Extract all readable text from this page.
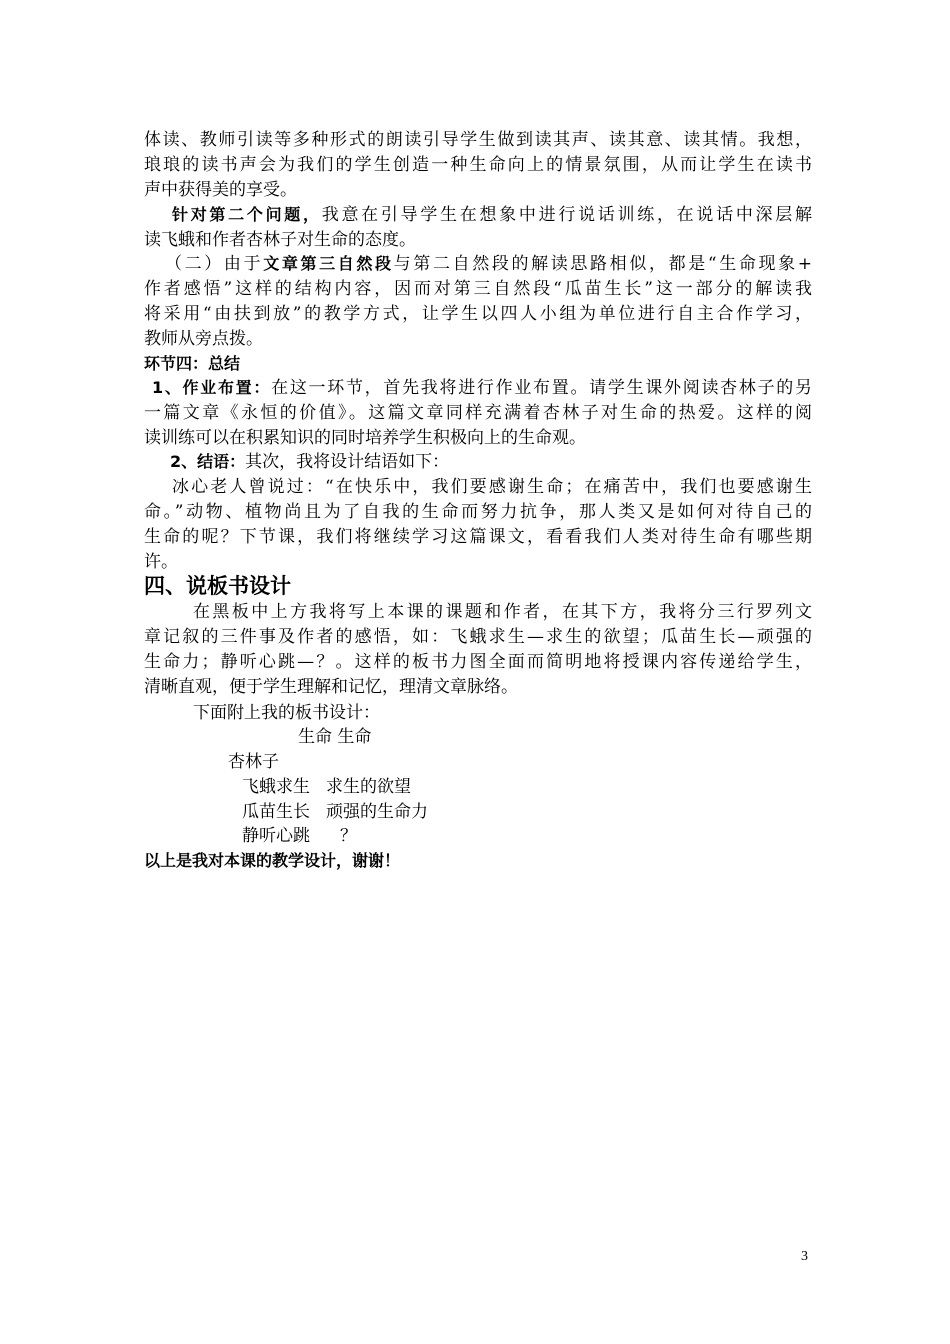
体读、教师引读等多种形式的朗读引导学生做到读其声、读其意、读其情。我想，
琅琅的读书声会为我们的学生创造一种生命向上的情景氛围，从而让学生在读书
声中获得美的享受。
针对第二个问题，我意在引导学生在想象中进行说话训练，在说话中深层解
读飞蛾和作者杏林子对生命的态度。
（二）由于文章第三自然段与第二自然段的解读思路相似，都是“生命现象+
作者感悟”这样的结构内容，因而对第三自然段“瓜苗生长”这一部分的解读我
将采用“由扶到放”的教学方式，让学生以四人小组为单位进行自主合作学习，
教师从旁点拨。
环节四：总结
1、作业布置：在这一环节，首先我将进行作业布置。请学生课外阅读杏林子的另
一篇文章《永恒的价值》。这篇文章同样充满着杏林子对生命的热爱。这样的阅
读训练可以在积累知识的同时培养学生积极向上的生命观。
2、结语：其次，我将设计结语如下：
冰心老人曾说过：“在快乐中，我们要感谢生命；在痛苦中，我们也要感谢生
命。”动物、植物尚且为了自我的生命而努力抗争，那人类又是如何对待自己的
生命的呢？下节课，我们将继续学习这篇课文，看看我们人类对待生命有哪些期
许。
四、说板书设计
在黑板中上方我将写上本课的课题和作者，在其下方，我将分三行罗列文
章记叙的三件事及作者的感悟，如：飞蛾求生—求生的欲望；瓜苗生长—顽强的
生命力；静听心跳—？。这样的板书力图全面而简明地将授课内容传递给学生，
清晰直观，便于学生理解和记忆，理清文章脉络。
下面附上我的板书设计：
生命 生命
杏林子
飞蛾求生 求生的欲望
瓜苗生长 顽强的生命力
静听心跳	？
以上是我对本课的教学设计，谢谢！
3
